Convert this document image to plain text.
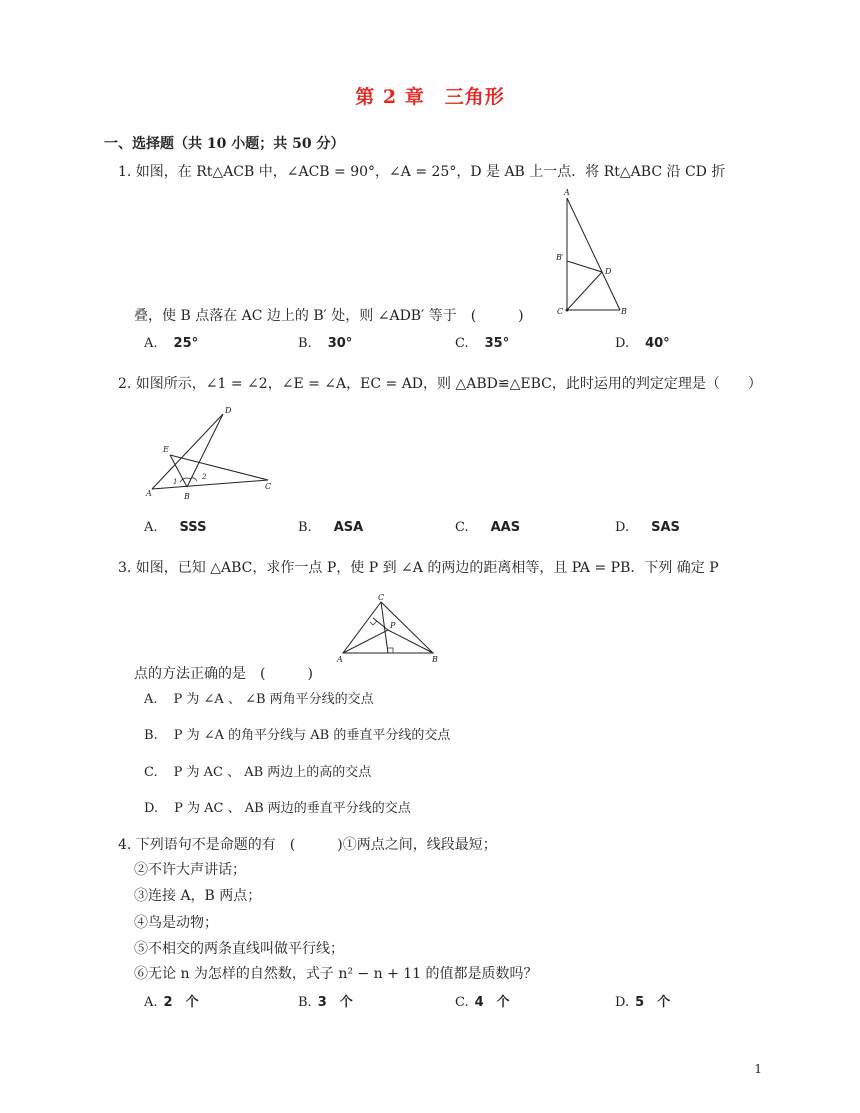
第 2 章　三角形
一、选择题（共 10 小题；共 50 分）
1. 如图，在 Rt△ACB 中，∠ACB = 90°，∠A = 25°，D 是 AB 上一点．将 Rt△ABC 沿 CD 折
A
B′
D
C	B
叠，使 B 点落在 AC 边上的 B′ 处，则 ∠ADB′ 等于　(　　　)
A. 25°	B. 30°	C. 35°	D. 40°
2. 如图所示，∠1 = ∠2，∠E = ∠A，EC = AD，则 △ABD≌△EBC，此时运用的判定定理是（　　）
D
E
A	B
C
1
2
A. SSS	B. ASA	C. AAS	D. SAS
3. 如图，已知 △ABC，求作一点 P，使 P 到 ∠A 的两边的距离相等，且 PA = PB．下列 确定 P
C
P
A	B
点的方法正确的是　(　　　)
A. P 为 ∠A 、 ∠B 两角平分线的交点
B. P 为 ∠A 的角平分线与 AB 的垂直平分线的交点
C. P 为 AC 、 AB 两边上的高的交点
D. P 为 AC 、 AB 两边的垂直平分线的交点
4. 下列语句不是命题的有　(　　　)①两点之间，线段最短；
②不许大声讲话；
③连接 A，B 两点；
④鸟是动物；
⑤不相交的两条直线叫做平行线；
⑥无论 n 为怎样的自然数，式子 n² − n + 11 的值都是质数吗？
A. 2　个	B. 3　个	C. 4　个	D. 5　个
1
